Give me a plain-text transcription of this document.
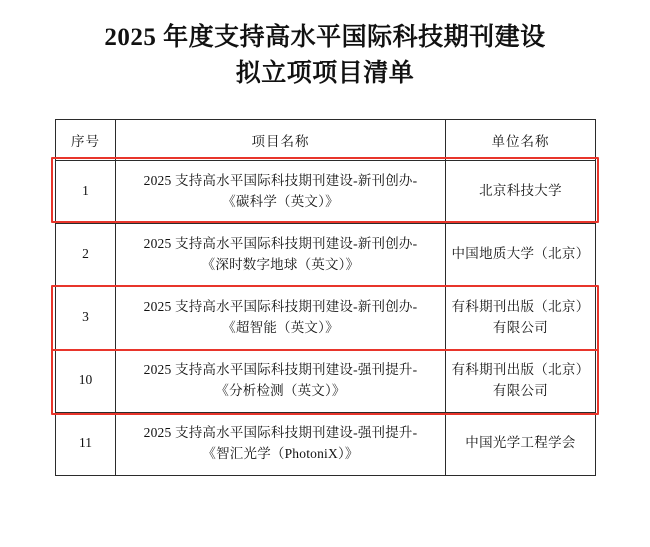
2025 年度支持高水平国际科技期刊建设
拟立项项目清单
序号	项目名称	单位名称
1	2025 支持高水平国际科技期刊建设-新刊创办-
《碳科学（英文）》	北京科技大学

2	2025 支持高水平国际科技期刊建设-新刊创办-
《深时数字地球（英文）》	中国地质大学（北京）

3	2025 支持高水平国际科技期刊建设-新刊创办-
《超智能（英文）》	有科期刊出版（北京）
有限公司

10	2025 支持高水平国际科技期刊建设-强刊提升-
《分析检测（英文）》	有科期刊出版（北京）
有限公司

11	2025 支持高水平国际科技期刊建设-强刊提升-
《智汇光学（PhotoniX）》	中国光学工程学会
